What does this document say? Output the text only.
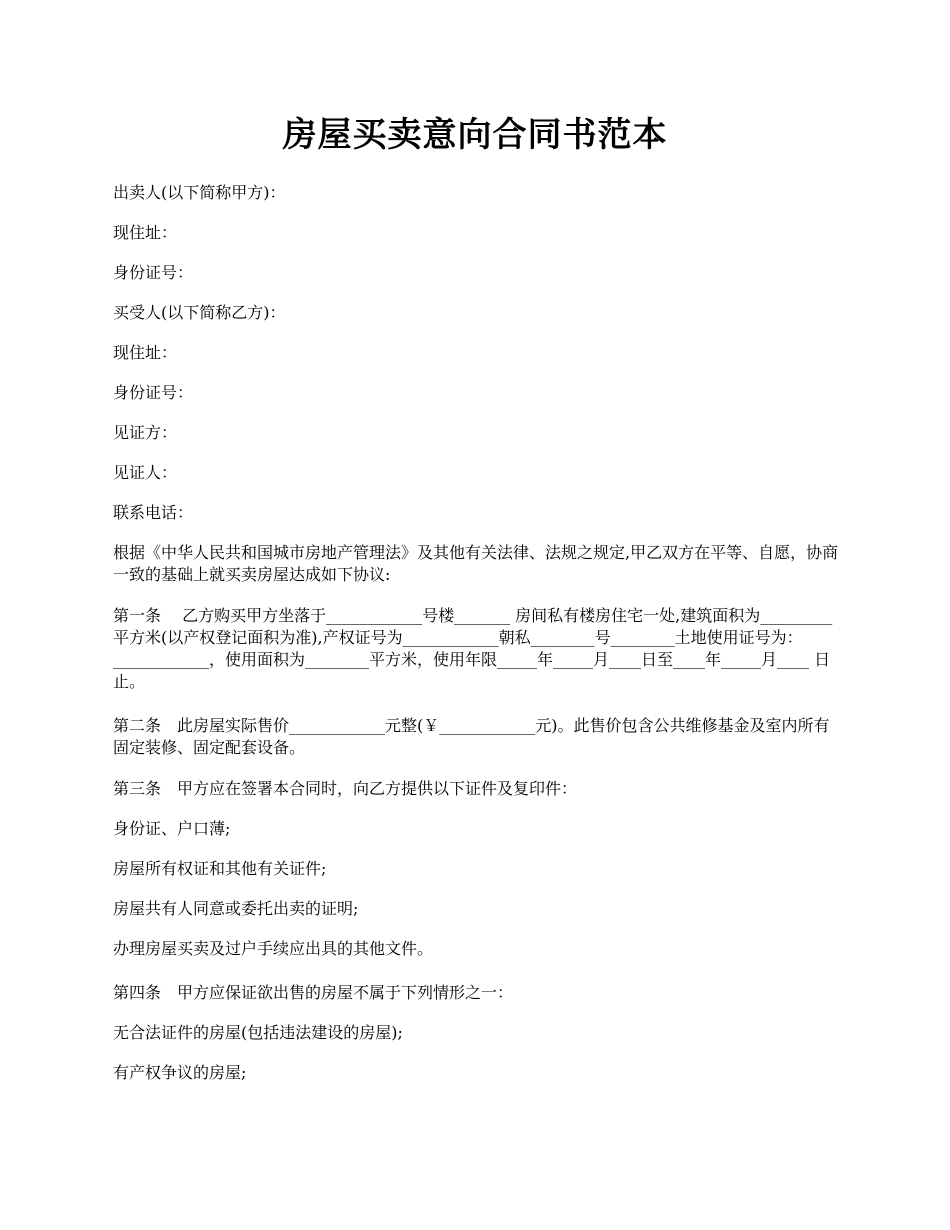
房屋买卖意向合同书范本

出卖人(以下简称甲方)：

现住址：

身份证号：

买受人(以下简称乙方)：

现住址：

身份证号：

见证方：

见证人：

联系电话：

根据《中华人民共和国城市房地产管理法》及其他有关法律、法规之规定,甲乙双方在平等、自愿，协商一致的基础上就买卖房屋达成如下协议:

第一条　 乙方购买甲方坐落于____________号楼_______ 房间私有楼房住宅一处,建筑面积为_________平方米(以产权登记面积为准),产权证号为____________朝私________号________土地使用证号为：____________，使用面积为________平方米，使用年限_____年_____月____日至____年_____月____ 日止。

第二条　此房屋实际售价____________元整(￥____________元)。此售价包含公共维修基金及室内所有固定装修、固定配套设备。

第三条　甲方应在签署本合同时，向乙方提供以下证件及复印件：

身份证、户口薄;

房屋所有权证和其他有关证件;

房屋共有人同意或委托出卖的证明;

办理房屋买卖及过户手续应出具的其他文件。

第四条　甲方应保证欲出售的房屋不属于下列情形之一：

无合法证件的房屋(包括违法建设的房屋);

有产权争议的房屋;
